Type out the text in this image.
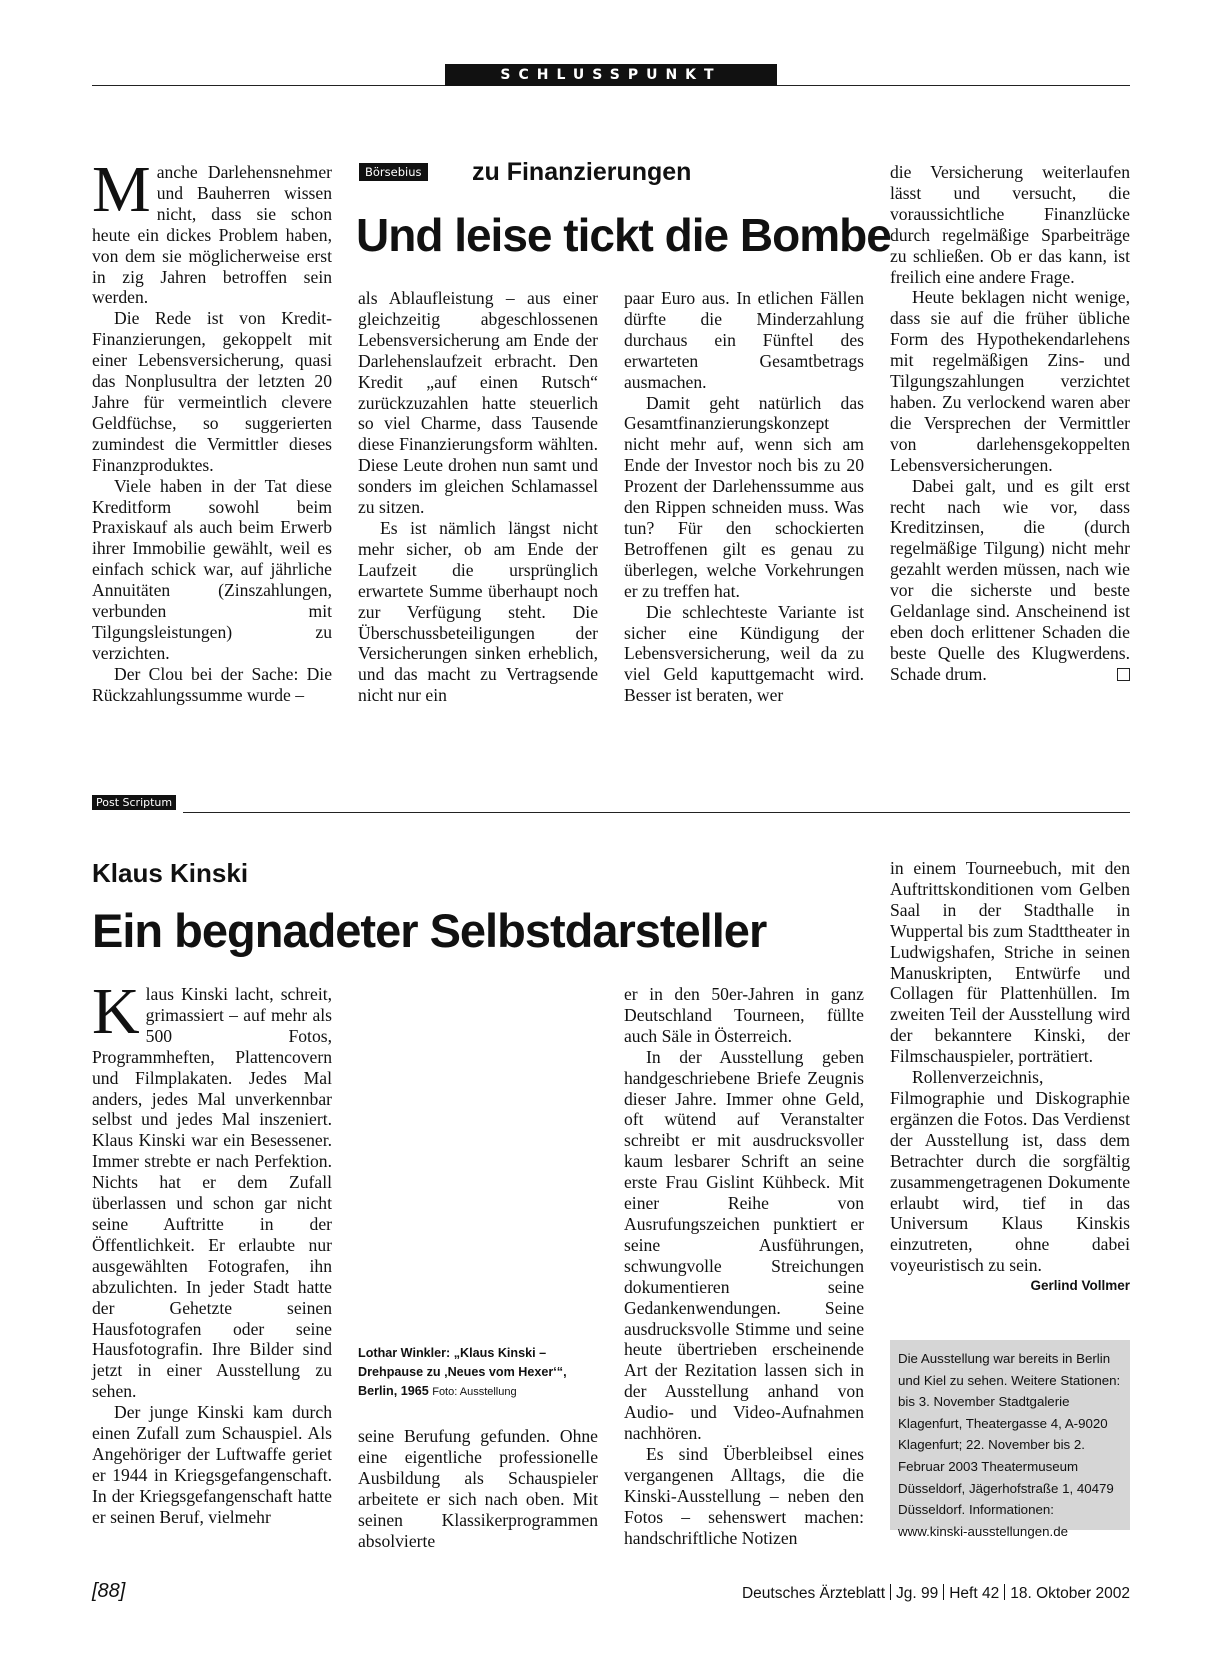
SCHLUSSPUNKT

Manche Darlehensnehmer und Bauherren wissen nicht, dass sie schon heute ein dickes Problem haben, von dem sie möglicherweise erst in zig Jahren betroffen sein werden.

Die Rede ist von Kredit-Finanzierungen, gekoppelt mit einer Lebensversicherung, quasi das Nonplusultra der letzten 20 Jahre für vermeintlich clevere Geldfüchse, so suggerierten zumindest die Vermittler dieses Finanzproduktes.

Viele haben in der Tat diese Kreditform sowohl beim Praxiskauf als auch beim Erwerb ihrer Immobilie gewählt, weil es einfach schick war, auf jährliche Annuitäten (Zinszahlungen, verbunden mit Tilgungsleistungen) zu verzichten.

Der Clou bei der Sache: Die Rückzahlungssumme wurde –

Börsebius zu Finanzierungen
Und leise tickt die Bombe

als Ablaufleistung – aus einer gleichzeitig abgeschlossenen Lebensversicherung am Ende der Darlehenslaufzeit erbracht. Den Kredit „auf einen Rutsch“ zurückzuzahlen hatte steuerlich so viel Charme, dass Tausende diese Finanzierungsform wählten. Diese Leute drohen nun samt und sonders im gleichen Schlamassel zu sitzen.

Es ist nämlich längst nicht mehr sicher, ob am Ende der Laufzeit die ursprünglich erwartete Summe überhaupt noch zur Verfügung steht. Die Überschussbeteiligungen der Versicherungen sinken erheblich, und das macht zu Vertragsende nicht nur ein

paar Euro aus. In etlichen Fällen dürfte die Minderzahlung durchaus ein Fünftel des erwarteten Gesamtbetrags ausmachen.

Damit geht natürlich das Gesamtfinanzierungskonzept nicht mehr auf, wenn sich am Ende der Investor noch bis zu 20 Prozent der Darlehenssumme aus den Rippen schneiden muss. Was tun? Für den schockierten Betroffenen gilt es genau zu überlegen, welche Vorkehrungen er zu treffen hat.

Die schlechteste Variante ist sicher eine Kündigung der Lebensversicherung, weil da zu viel Geld kaputtgemacht wird. Besser ist beraten, wer

die Versicherung weiterlaufen lässt und versucht, die voraussichtliche Finanzlücke durch regelmäßige Sparbeiträge zu schließen. Ob er das kann, ist freilich eine andere Frage.

Heute beklagen nicht wenige, dass sie auf die früher übliche Form des Hypothekendarlehens mit regelmäßigen Zins- und Tilgungszahlungen verzichtet haben. Zu verlockend waren aber die Versprechen der Vermittler von darlehensgekoppelten Lebensversicherungen.

Dabei galt, und es gilt erst recht nach wie vor, dass Kreditzinsen, die (durch regelmäßige Tilgung) nicht mehr gezahlt werden müssen, nach wie vor die sicherste und beste Geldanlage sind. Anscheinend ist eben doch erlittener Schaden die beste Quelle des Klugwerdens. Schade drum.

Post Scriptum
Klaus Kinski
Ein begnadeter Selbstdarsteller

Klaus Kinski lacht, schreit, grimassiert – auf mehr als 500 Fotos, Programmheften, Plattencovern und Filmplakaten. Jedes Mal anders, jedes Mal unverkennbar selbst und jedes Mal inszeniert. Klaus Kinski war ein Besessener. Immer strebte er nach Perfektion. Nichts hat er dem Zufall überlassen und schon gar nicht seine Auftritte in der Öffentlichkeit. Er erlaubte nur ausgewählten Fotografen, ihn abzulichten. In jeder Stadt hatte der Gehetzte seinen Hausfotografen oder seine Hausfotografin. Ihre Bilder sind jetzt in einer Ausstellung zu sehen.

Der junge Kinski kam durch einen Zufall zum Schauspiel. Als Angehöriger der Luftwaffe geriet er 1944 in Kriegsgefangenschaft. In der Kriegsgefangenschaft hatte er seinen Beruf, vielmehr

Lothar Winkler: „Klaus Kinski – Drehpause zu ‚Neues vom Hexer‘“, Berlin, 1965 Foto: Ausstellung

seine Berufung gefunden. Ohne eine eigentliche professionelle Ausbildung als Schauspieler arbeitete er sich nach oben. Mit seinen Klassikerprogrammen absolvierte

er in den 50er-Jahren in ganz Deutschland Tourneen, füllte auch Säle in Österreich.

In der Ausstellung geben handgeschriebene Briefe Zeugnis dieser Jahre. Immer ohne Geld, oft wütend auf Veranstalter schreibt er mit ausdrucksvoller kaum lesbarer Schrift an seine erste Frau Gislint Kühbeck. Mit einer Reihe von Ausrufungszeichen punktiert er seine Ausführungen, schwungvolle Streichungen dokumentieren seine Gedankenwendungen. Seine ausdrucksvolle Stimme und seine heute übertrieben erscheinende Art der Rezitation lassen sich in der Ausstellung anhand von Audio- und Video-Aufnahmen nachhören.

Es sind Überbleibsel eines vergangenen Alltags, die die Kinski-Ausstellung – neben den Fotos – sehenswert machen: handschriftliche Notizen

in einem Tourneebuch, mit den Auftrittskonditionen vom Gelben Saal in der Stadthalle in Wuppertal bis zum Stadttheater in Ludwigshafen, Striche in seinen Manuskripten, Entwürfe und Collagen für Plattenhüllen. Im zweiten Teil der Ausstellung wird der bekanntere Kinski, der Filmschauspieler, porträtiert.

Rollenverzeichnis, Filmographie und Diskographie ergänzen die Fotos. Das Verdienst der Ausstellung ist, dass dem Betrachter durch die sorgfältig zusammengetragenen Dokumente erlaubt wird, tief in das Universum Klaus Kinskis einzutreten, ohne dabei voyeuristisch zu sein.
Gerlind Vollmer

Die Ausstellung war bereits in Berlin und Kiel zu sehen. Weitere Stationen: bis 3. November Stadtgalerie Klagenfurt, Theatergasse 4, A-9020 Klagenfurt; 22. November bis 2. Februar 2003 Theatermuseum Düsseldorf, Jägerhofstraße 1, 40479 Düsseldorf. Informationen: www.kinski-ausstellungen.de
[88]	Deutsches Ärzteblatt Jg. 99 Heft 42 18. Oktober 2002
